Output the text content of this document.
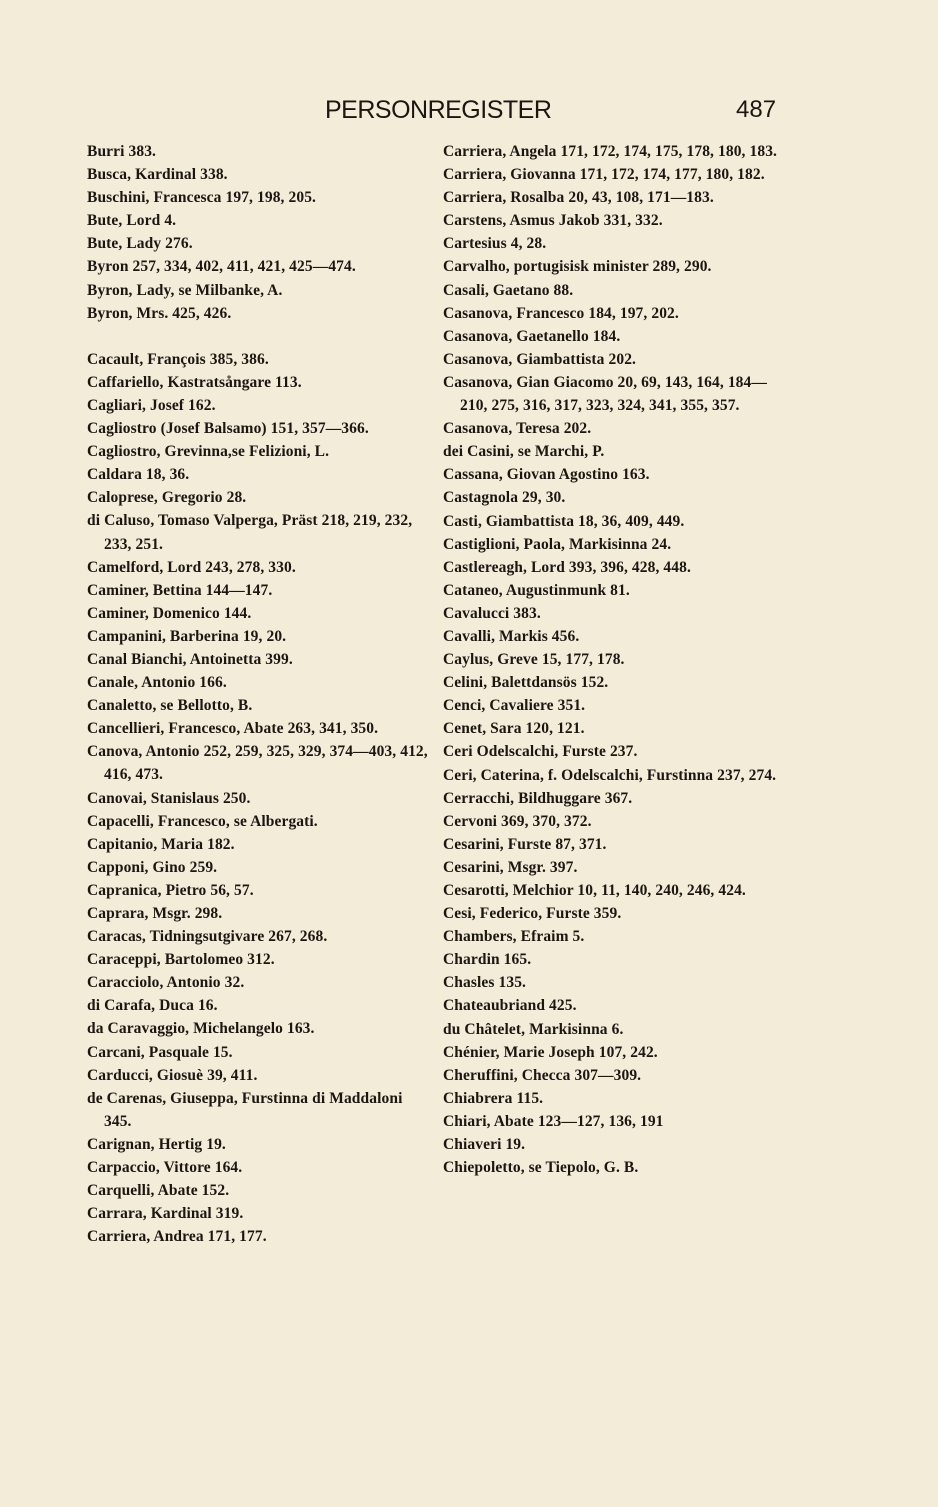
PERSONREGISTER	487
Burri 383.
Busca, Kardinal 338.
Buschini, Francesca 197, 198, 205.
Bute, Lord 4.
Bute, Lady 276.
Byron 257, 334, 402, 411, 421, 425—474.
Byron, Lady, se Milbanke, A.
Byron, Mrs. 425, 426.
Cacault, François 385, 386.
Caffariello, Kastratsångare 113.
Cagliari, Josef 162.
Cagliostro (Josef Balsamo) 151, 357—366.
Cagliostro, Grevinna,se Felizioni, L.
Caldara 18, 36.
Caloprese, Gregorio 28.
di Caluso, Tomaso Valperga, Präst 218, 219, 232, 233, 251.
Camelford, Lord 243, 278, 330.
Caminer, Bettina 144—147.
Caminer, Domenico 144.
Campanini, Barberina 19, 20.
Canal Bianchi, Antoinetta 399.
Canale, Antonio 166.
Canaletto, se Bellotto, B.
Cancellieri, Francesco, Abate 263, 341, 350.
Canova, Antonio 252, 259, 325, 329, 374—403, 412, 416, 473.
Canovai, Stanislaus 250.
Capacelli, Francesco, se Albergati.
Capitanio, Maria 182.
Capponi, Gino 259.
Capranica, Pietro 56, 57.
Caprara, Msgr. 298.
Caracas, Tidningsutgivare 267, 268.
Caraceppi, Bartolomeo 312.
Caracciolo, Antonio 32.
di Carafa, Duca 16.
da Caravaggio, Michelangelo 163.
Carcani, Pasquale 15.
Carducci, Giosuè 39, 411.
de Carenas, Giuseppa, Furstinna di Maddaloni 345.
Carignan, Hertig 19.
Carpaccio, Vittore 164.
Carquelli, Abate 152.
Carrara, Kardinal 319.
Carriera, Andrea 171, 177.
Carriera, Angela 171, 172, 174, 175, 178, 180, 183.
Carriera, Giovanna 171, 172, 174, 177, 180, 182.
Carriera, Rosalba 20, 43, 108, 171—183.
Carstens, Asmus Jakob 331, 332.
Cartesius 4, 28.
Carvalho, portugisisk minister 289, 290.
Casali, Gaetano 88.
Casanova, Francesco 184, 197, 202.
Casanova, Gaetanello 184.
Casanova, Giambattista 202.
Casanova, Gian Giacomo 20, 69, 143, 164, 184—210, 275, 316, 317, 323, 324, 341, 355, 357.
Casanova, Teresa 202.
dei Casini, se Marchi, P.
Cassana, Giovan Agostino 163.
Castagnola 29, 30.
Casti, Giambattista 18, 36, 409, 449.
Castiglioni, Paola, Markisinna 24.
Castlereagh, Lord 393, 396, 428, 448.
Cataneo, Augustinmunk 81.
Cavalucci 383.
Cavalli, Markis 456.
Caylus, Greve 15, 177, 178.
Celini, Balettdansös 152.
Cenci, Cavaliere 351.
Cenet, Sara 120, 121.
Ceri Odelscalchi, Furste 237.
Ceri, Caterina, f. Odelscalchi, Furstinna 237, 274.
Cerracchi, Bildhuggare 367.
Cervoni 369, 370, 372.
Cesarini, Furste 87, 371.
Cesarini, Msgr. 397.
Cesarotti, Melchior 10, 11, 140, 240, 246, 424.
Cesi, Federico, Furste 359.
Chambers, Efraim 5.
Chardin 165.
Chasles 135.
Chateaubriand 425.
du Châtelet, Markisinna 6.
Chénier, Marie Joseph 107, 242.
Cheruffini, Checca 307—309.
Chiabrera 115.
Chiari, Abate 123—127, 136, 191
Chiaveri 19.
Chiepoletto, se Tiepolo, G. B.
